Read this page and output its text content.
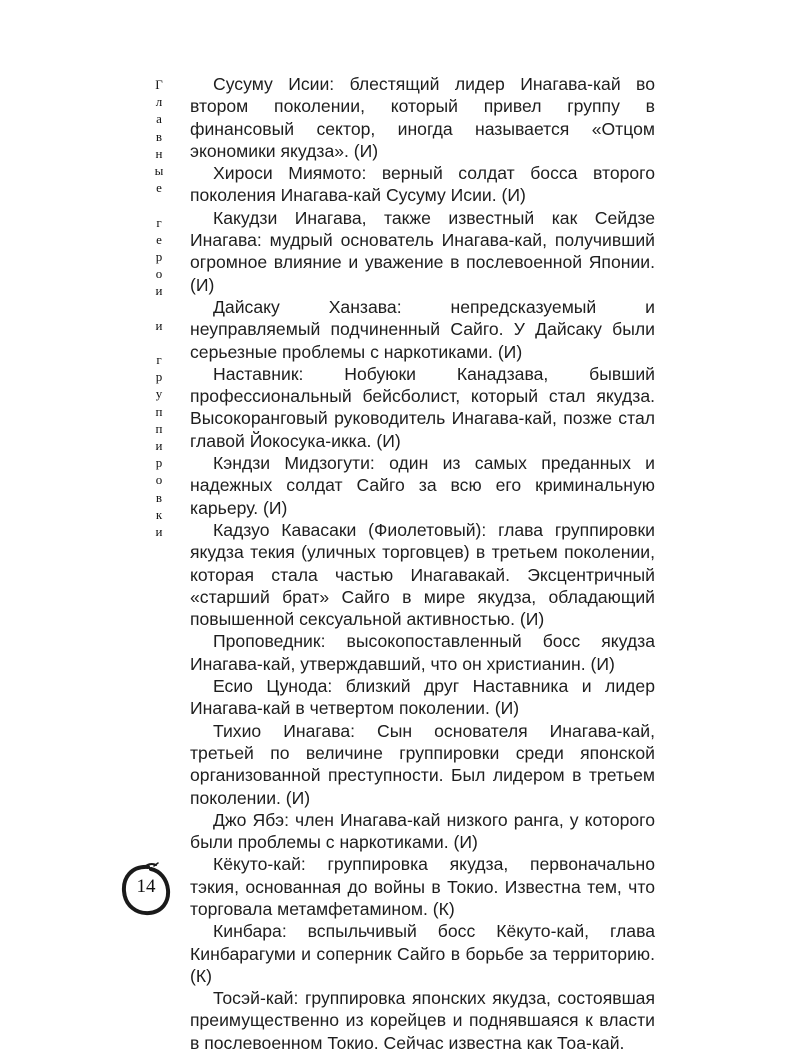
Г
л
а
в
н
ы
е
г
е
р
о
и
и
г
р
у
п
п
и
р
о
в
к
и

Сусуму Исии: блестящий лидер Инагава-кай во втором поколении, который привел группу в финансовый сектор, иногда называется «Отцом экономики якудза». (И)

Хироси Миямото: верный солдат босса второго поколения Инагава-кай Сусуму Исии. (И)

Какудзи Инагава, также известный как Сейдзе Инагава: мудрый основатель Инагава-кай, получивший огромное влияние и уважение в послевоенной Японии. (И)

Дайсаку Ханзава: непредсказуемый и неуправляемый подчиненный Сайго. У Дайсаку были серьезные проблемы с наркотиками. (И)

Наставник: Нобуюки Канадзава, бывший профессиональный бейсболист, который стал якудза. Высокоранговый руководитель Инагава-кай, позже стал главой Йокосука-икка. (И)

Кэндзи Мидзогути: один из самых преданных и надежных солдат Сайго за всю его криминальную карьеру. (И)

Кадзуо Кавасаки (Фиолетовый): глава группировки якудза текия (уличных торговцев) в третьем поколении, которая стала частью Инагавакай. Эксцентричный «старший брат» Сайго в мире якудза, обладающий повышенной сексуальной активностью. (И)

Проповедник: высокопоставленный босс якудза Инагава-кай, утверждавший, что он христианин. (И)

Есио Цунода: близкий друг Наставника и лидер Инагава-кай в четвертом поколении. (И)

Тихио Инагава: Сын основателя Инагава-кай, третьей по величине группировки среди японской организованной преступности. Был лидером в третьем поколении. (И)

Джо Ябэ: член Инагава-кай низкого ранга, у которого были проблемы с наркотиками. (И)

Кёкуто-кай: группировка якудза, первоначально тэкия, основанная до войны в Токио. Известна тем, что торговала метамфетамином. (К)

Кинбара: вспыльчивый босс Кёкуто-кай, глава Кинбарагуми и соперник Сайго в борьбе за территорию. (К)

Тосэй-кай: группировка японских якудза, состоявшая преимущественно из корейцев и поднявшаяся к власти в послевоенном Токио. Сейчас известна как Тоа-кай.

14
